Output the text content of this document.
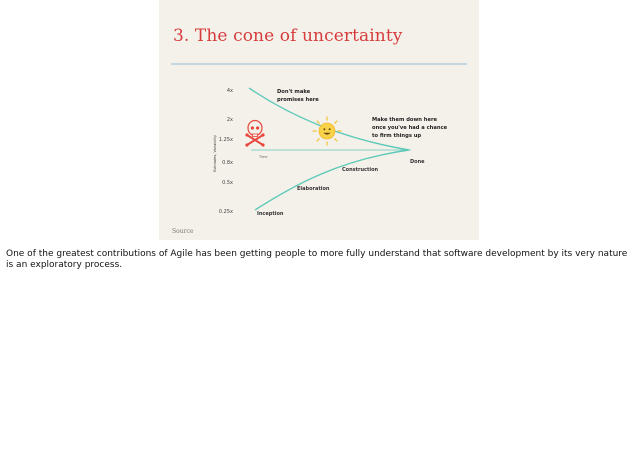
3. The cone of uncertainty
Time
Estimates, Variability
4x
2x
1.25x
0.8x
0.5x
0.25x
Don't make promises here
Make them down here once you've had a chance to firm things up
Inception
Elaboration
Construction
Done
Source
One of the greatest contributions of Agile has been getting people to more fully understand that software development by its very nature is an exploratory process.
